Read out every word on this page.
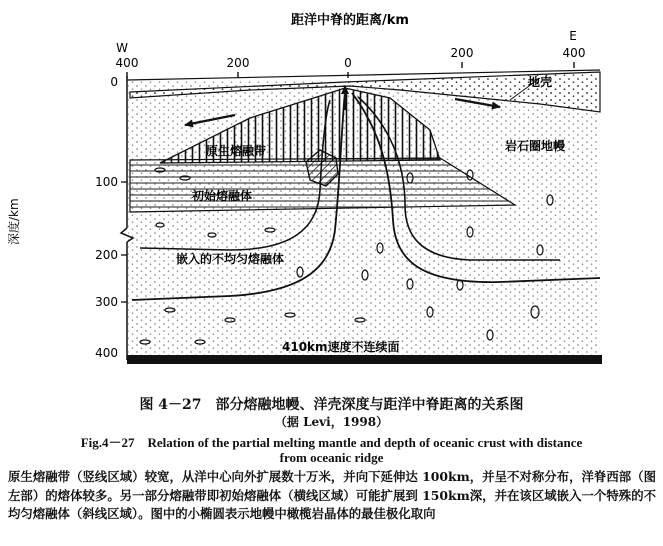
距洋中脊的距离/km
W
E
400	200	0
200	400
深度/km
0
100
200
300
400
地壳
岩石圈地幔
原生熔融带
初始熔融体
嵌入的不均匀熔融体
410km速度不连续面
图 4－27　部分熔融地幔、洋壳深度与距洋中脊距离的关系图
（据 Levi，1998）
Fig.4－27　Relation of the partial melting mantle and depth of oceanic crust with distance
from oceanic ridge
原生熔融带（竖线区域）较宽，从洋中心向外扩展数十万米，并向下延伸达 100km，并呈不对称分布，洋脊西部（图左部）的熔体较多。另一部分熔融带即初始熔融体（横线区域）可能扩展到 150km深，并在该区域嵌入一个特殊的不均匀熔融体（斜线区域）。图中的小椭圆表示地幔中橄榄岩晶体的最佳极化取向
